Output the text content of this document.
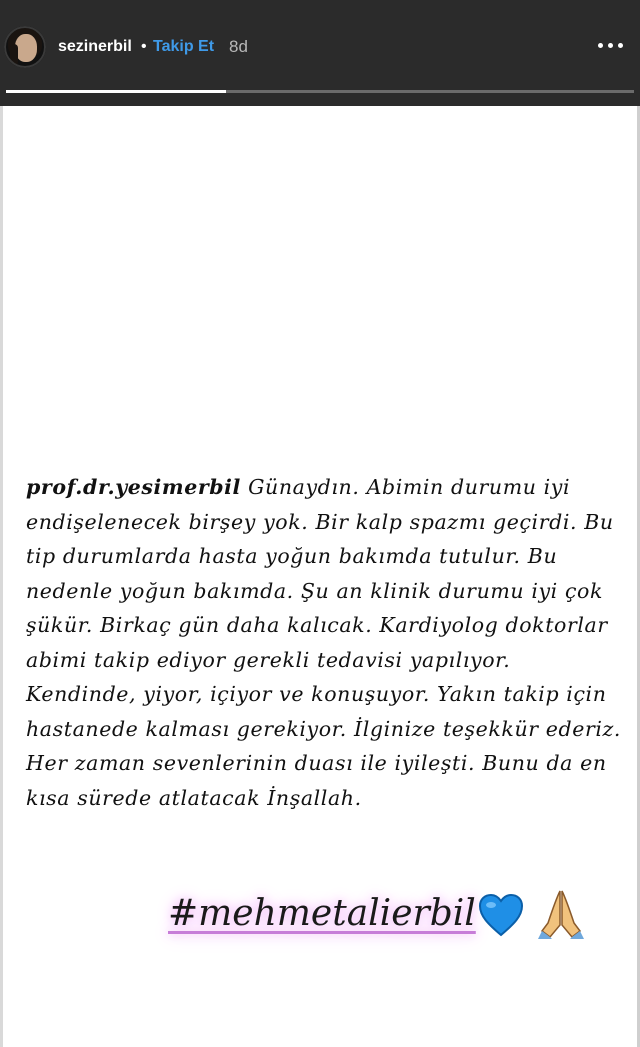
sezinerbil • Takip Et 8d
prof.dr.yesimerbil Günaydın. Abimin durumu iyi endişelenecek birşey yok. Bir kalp spazmı geçirdi. Bu tip durumlarda hasta yoğun bakımda tutulur. Bu nedenle yoğun bakımda. Şu an klinik durumu iyi çok şükür. Birkaç gün daha kalıcak. Kardiyolog doktorlar abimi takip ediyor gerekli tedavisi yapılıyor. Kendinde, yiyor, içiyor ve konuşuyor. Yakın takip için hastanede kalması gerekiyor. İlginize teşekkür ederiz. Her zaman sevenlerinin duası ile iyileşti. Bunu da en kısa sürede atlatacak İnşallah.
#mehmetalierbil
